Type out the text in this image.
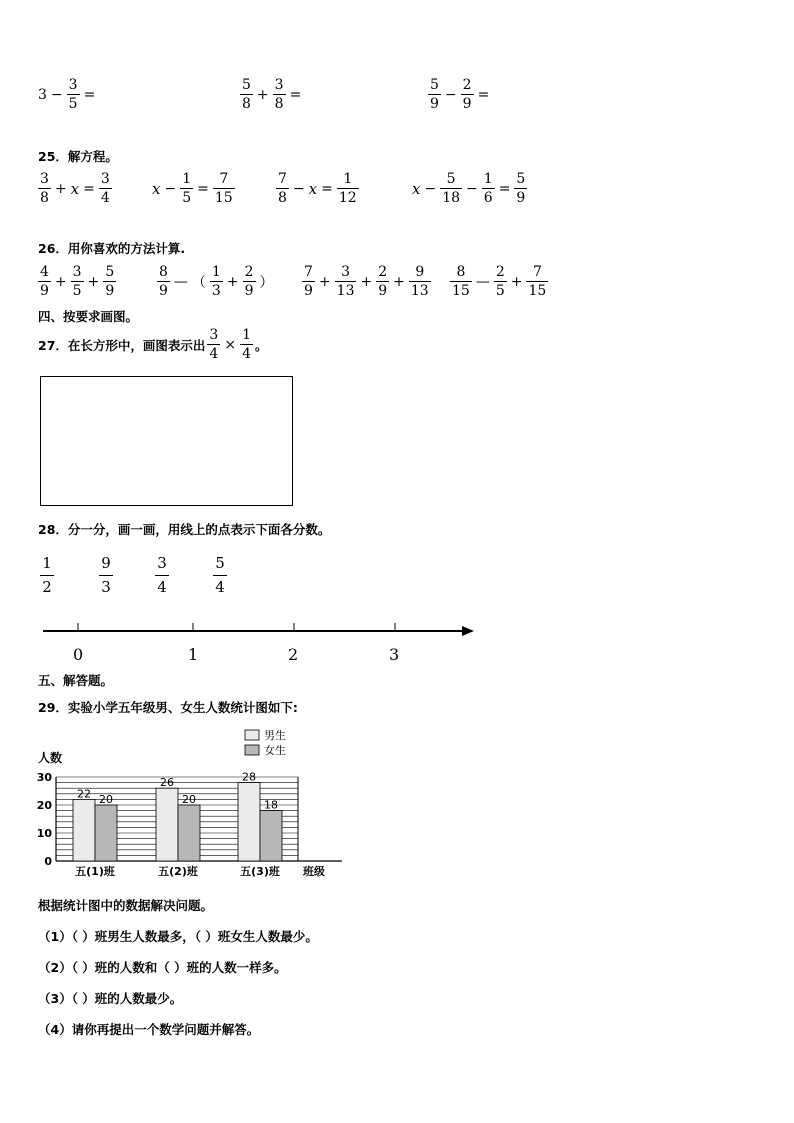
$3 - \frac{3}{5}$ =	$\frac{5}{8} + \frac{3}{8}$ =	$\frac{5}{9} - \frac{2}{9}$ =
25．解方程。
$\frac{3}{8} + x = \frac{3}{4}$	$x - \frac{1}{5} = \frac{7}{15}$	$\frac{7}{8} - x = \frac{1}{12}$	$x - \frac{5}{18} - \frac{1}{6} = \frac{5}{9}$
26．用你喜欢的方法计算.
$\frac{4}{9} + \frac{3}{5} + \frac{5}{9}$	$\frac{8}{9}$ — （ $\frac{1}{3} + \frac{2}{9}$ ） $\frac{7}{9} + \frac{3}{13} + \frac{2}{9} + \frac{9}{13} \frac{8}{15}$ — $\frac{2}{5} + \frac{7}{15}$
四、按要求画图。
27．在长方形中，画图表示出 $\frac{3}{4} \times \frac{1}{4}$ 。
28．分一分，画一画，用线上的点表示下面各分数。
$\frac{1}{2}$	$\frac{9}{3}$	$\frac{3}{4}$	$\frac{5}{4}$
0	1	2	3
五、解答题。
29．实验小学五年级男、女生人数统计图如下:
人数
30
20
10
0
22 20
五(1)班
26
20
五(2)班
28
18
五(3)班 班级
男生
女生
根据统计图中的数据解决问题。
（1）（ ）班男生人数最多，（ ）班女生人数最少。
（2）（ ）班的人数和（ ）班的人数一样多。
（3）（ ）班的人数最少。
（4）请你再提出一个数学问题并解答。
